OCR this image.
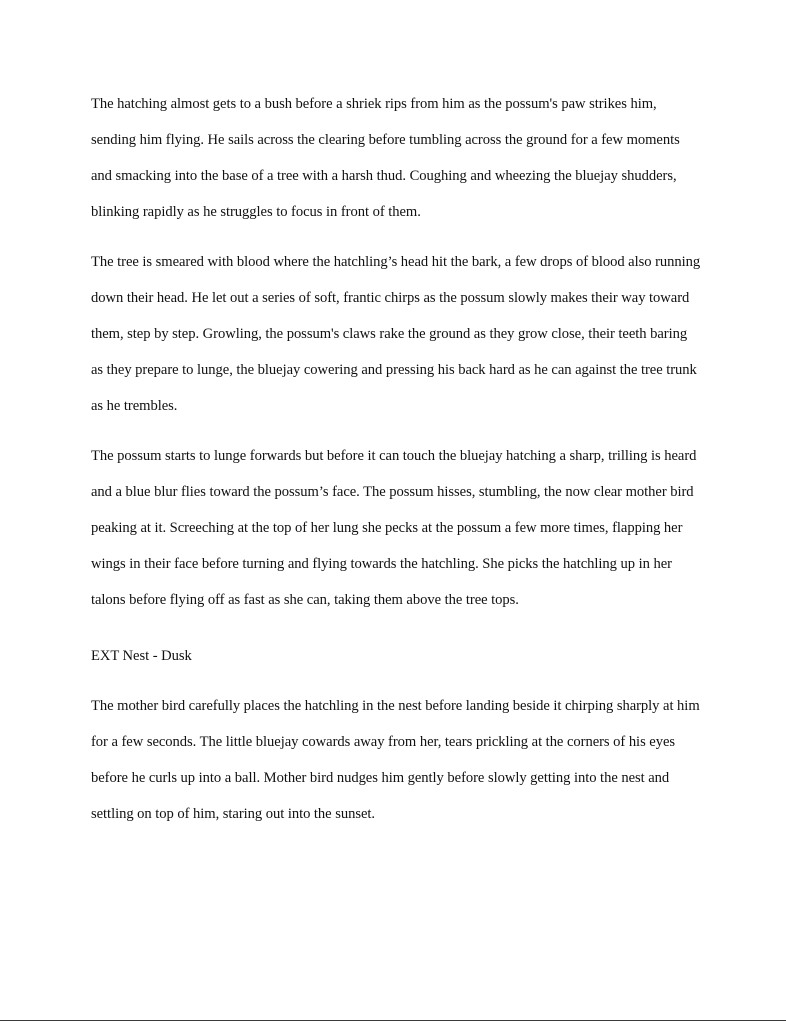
The hatching almost gets to a bush before a shriek rips from him as the possum's paw strikes him, sending him flying. He sails across the clearing before tumbling across the ground for a few moments and smacking into the base of a tree with a harsh thud. Coughing and wheezing the bluejay shudders, blinking rapidly as he struggles to focus in front of them.

The tree is smeared with blood where the hatchling’s head hit the bark, a few drops of blood also running down their head. He let out a series of soft, frantic chirps as the possum slowly makes their way toward them, step by step. Growling, the possum's claws rake the ground as they grow close, their teeth baring as they prepare to lunge, the bluejay cowering and pressing his back hard as he can against the tree trunk as he trembles.

The possum starts to lunge forwards but before it can touch the bluejay hatching a sharp, trilling is heard and a blue blur flies toward the possum’s face. The possum hisses, stumbling, the now clear mother bird peaking at it. Screeching at the top of her lung she pecks at the possum a few more times, flapping her wings in their face before turning and flying towards the hatchling. She picks the hatchling up in her talons before flying off as fast as she can, taking them above the tree tops.

EXT Nest - Dusk

The mother bird carefully places the hatchling in the nest before landing beside it chirping sharply at him for a few seconds. The little bluejay cowards away from her, tears prickling at the corners of his eyes before he curls up into a ball. Mother bird nudges him gently before slowly getting into the nest and settling on top of him, staring out into the sunset.
